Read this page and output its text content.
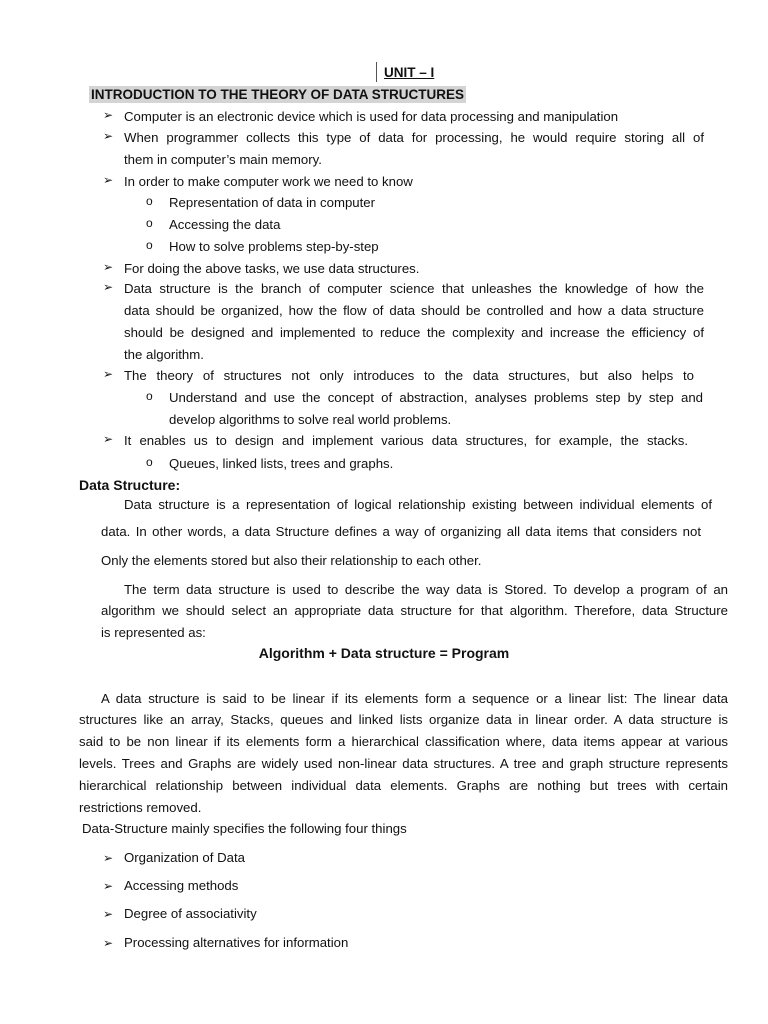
UNIT – I
INTRODUCTION TO THE THEORY OF DATA STRUCTURES
➢ Computer is an electronic device which is used for data processing and manipulation
➢ When programmer collects this type of data for processing, he would require storing all of
them in computer’s main memory.
➢ In order to make computer work we need to know
o Representation of data in computer
o Accessing the data
o How to solve problems step-by-step
➢ For doing the above tasks, we use data structures.
➢ Data structure is the branch of computer science that unleashes the knowledge of how the
data should be organized, how the flow of data should be controlled and how a data structure
should be designed and implemented to reduce the complexity and increase the efficiency of
the algorithm.
➢ The theory of structures not only introduces to the data structures, but also helps to
o Understand and use the concept of abstraction, analyses problems step by step and
develop algorithms to solve real world problems.
➢ It enables us to design and implement various data structures, for example, the stacks.
o Queues, linked lists, trees and graphs.
Data Structure:
Data structure is a representation of logical relationship existing between individual elements of
data. In other words, a data Structure defines a way of organizing all data items that considers not
Only the elements stored but also their relationship to each other.
The term data structure is used to describe the way data is Stored. To develop a program of an
algorithm we should select an appropriate data structure for that algorithm. Therefore, data Structure
is represented as:
Algorithm + Data structure = Program
A data structure is said to be linear if its elements form a sequence or a linear list: The linear data
structures like an array, Stacks, queues and linked lists organize data in linear order. A data structure is
said to be non linear if its elements form a hierarchical classification where, data items appear at various
levels. Trees and Graphs are widely used non-linear data structures. A tree and graph structure represents
hierarchical relationship between individual data elements. Graphs are nothing but trees with certain
restrictions removed.
Data-Structure mainly specifies the following four things
➢ Organization of Data
➢ Accessing methods
➢ Degree of associativity
➢ Processing alternatives for information
